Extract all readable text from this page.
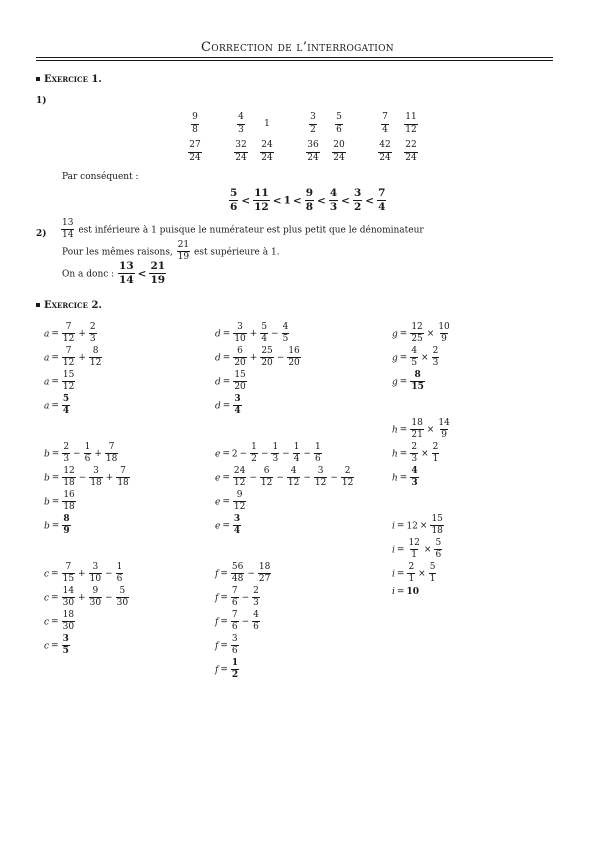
Correction de l’interrogation
Exercice 1.
1)
$\frac{9}{8}$
$\frac{27}{24}$
$\frac{4}{3}$
$\frac{32}{24}$
1
$\frac{24}{24}$
$\frac{3}{2}$
$\frac{36}{24}$
$\frac{5}{6}$
$\frac{20}{24}$
$\frac{7}{4}$
$\frac{42}{24}$
$\frac{11}{12}$
$\frac{22}{24}$
Par conséquent :
$\frac{5}{6} < \frac{11}{12} < 1 < \frac{9}{8} < \frac{4}{3} < \frac{3}{2} < \frac{7}{4}$
$2) \frac{13}{14}$ est inférieure à 1 puisque le numérateur est plus petit que le dénominateur
Pour les mêmes raisons, $\frac{21}{19}$ est supérieure à 1.
On a donc : $\frac{13}{14} < \frac{21}{19}$
Exercice 2.
$a = \frac{7}{12} + \frac{2}{3}$
$a = \frac{7}{12} + \frac{8}{12}$
$a = \frac{15}{12}$
$a = \frac{5}{4}$
$b = \frac{2}{3} - \frac{1}{6} + \frac{7}{18}$
$b = \frac{12}{18} - \frac{3}{18} + \frac{7}{18}$
$b = \frac{16}{18}$
$b = \frac{8}{9}$
$c = \frac{7}{15} + \frac{3}{10} - \frac{1}{6}$
$c = \frac{14}{30} + \frac{9}{30} - \frac{5}{30}$
$c = \frac{18}{30}$
$c = \frac{3}{5}$
$d = \frac{3}{10} + \frac{5}{4} - \frac{4}{5}$
$d = \frac{6}{20} + \frac{25}{20} - \frac{16}{20}$
$d = \frac{15}{20}$
$d = \frac{3}{4}$
$e = 2 - \frac{1}{2} - \frac{1}{3} - \frac{1}{4} - \frac{1}{6}$
$e = \frac{24}{12} - \frac{6}{12} - \frac{4}{12} - \frac{3}{12} - \frac{2}{12}$
$e = \frac{9}{12}$
$e = \frac{3}{4}$
$f = \frac{56}{48} - \frac{18}{27}$
$f = \frac{7}{6} - \frac{2}{3}$
$f = \frac{7}{6} - \frac{4}{6}$
$f = \frac{3}{6}$
$f = \frac{1}{2}$
$g = \frac{12}{25} \times \frac{10}{9}$
$g = \frac{4}{5} \times \frac{2}{3}$
$g = \frac{8}{15}$
$h = \frac{18}{21} \times \frac{14}{9}$
$h = \frac{2}{3} \times \frac{2}{1}$
$h = \frac{4}{3}$
$i = 12 \times \frac{15}{18}$
$i = \frac{12}{1} \times \frac{5}{6}$
$i = \frac{2}{1} \times \frac{5}{1}$
i = 10
